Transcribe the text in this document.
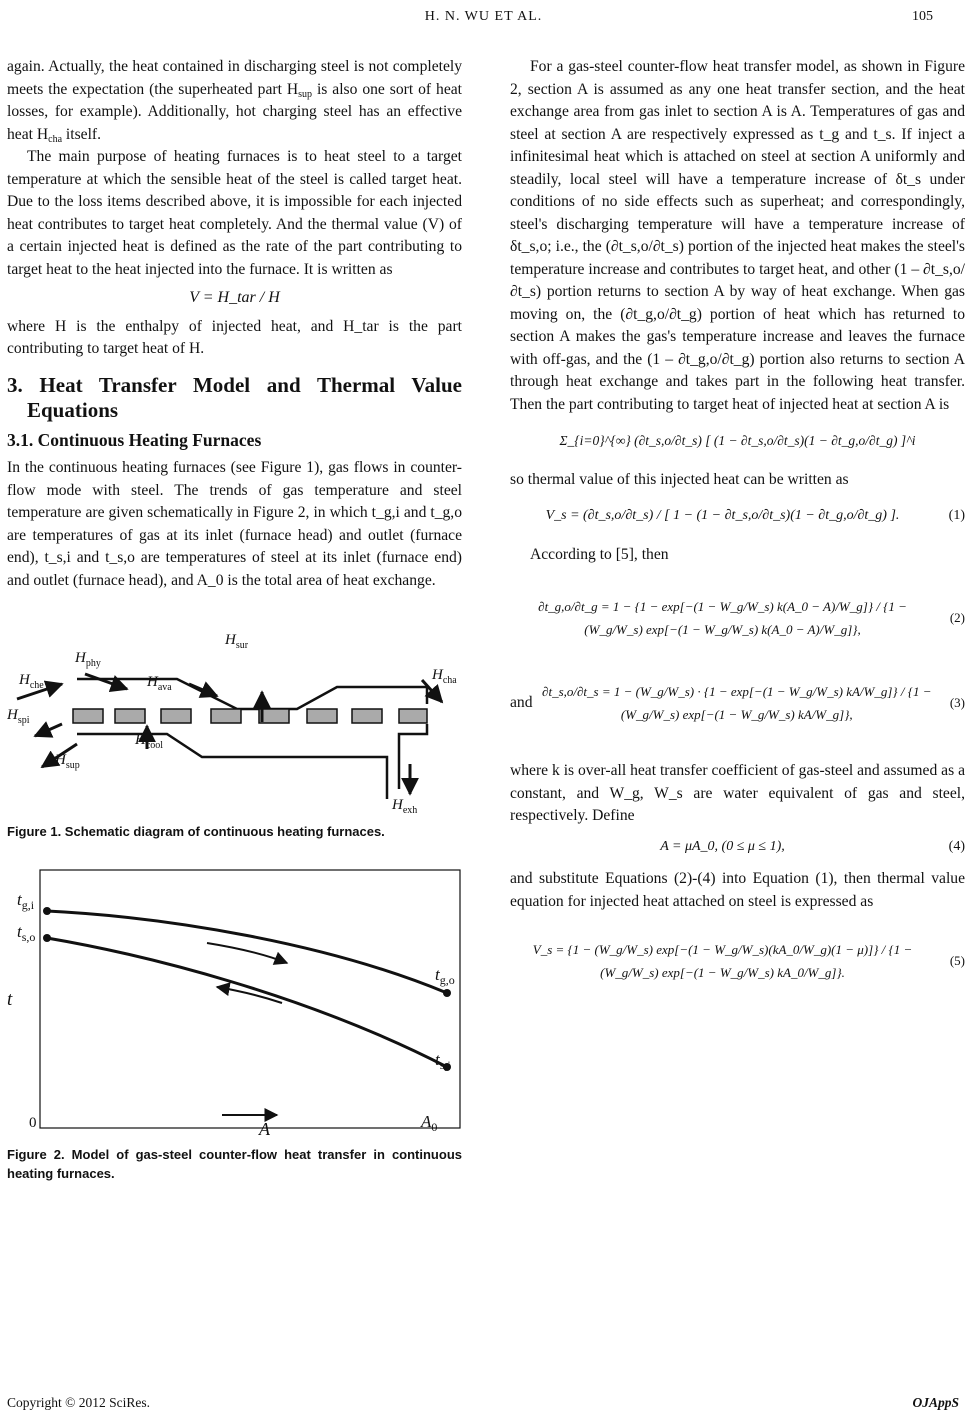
H. N. WU ET AL.	105

again. Actually, the heat contained in discharging steel is not completely meets the expectation (the superheated part $H_{sup}$ is also one sort of heat losses, for example). Additionally, hot charging steel has an effective heat $H_{cha}$ itself.

The main purpose of heating furnaces is to heat steel to a target temperature at which the sensible heat of the steel is called target heat. Due to the loss items described above, it is impossible for each injected heat contributes to target heat completely. And the thermal value (V) of a certain injected heat is defined as the rate of the part contributing to target heat to the heat injected into the furnace. It is written as

V = H_tar / H

where H is the enthalpy of injected heat, and H_tar is the part contributing to target heat of H.

3. Heat Transfer Model and Thermal Value Equations
3.1. Continuous Heating Furnaces

In the continuous heating furnaces (see Figure 1), gas flows in counter-flow mode with steel. The trends of gas temperature and steel temperature are given schematically in Figure 2, in which t_g,i and t_g,o are temperatures of gas at its inlet (furnace head) and outlet (furnace end), t_s,i and t_s,o are temperatures of steel at its inlet (furnace end) and outlet (furnace head), and A_0 is the total area of heat exchange.

$H_{phy}$
$H_{sur}$
$H_{che}$	$H_{ava}$
$H_{cha}$
$H_{spi}$
$H_{cool}$
$H_{sup}$
$H_{exh}$
Figure 1. Schematic diagram of continuous heating furnaces.
$t_{g,i}$
$t_{s,o}$
t
$t_{g,o}$
$t_{s,i}$
0	A	$A_0$
Figure 2. Model of gas-steel counter-flow heat transfer in continuous heating furnaces.

For a gas-steel counter-flow heat transfer model, as shown in Figure 2, section A is assumed as any one heat transfer section, and the heat exchange area from gas inlet to section A is A. Temperatures of gas and steel at section A are respectively expressed as t_g and t_s. If inject a infinitesimal heat which is attached on steel at section A uniformly and steadily, local steel will have a temperature increase of δt_s under conditions of no side effects such as superheat; and correspondingly, steel's discharging temperature will have a temperature increase of δt_s,o; i.e., the (∂t_s,o/∂t_s) portion of the injected heat makes the steel's temperature increase and contributes to target heat, and other (1 – ∂t_s,o/∂t_s) portion returns to section A by way of heat exchange. When gas moving on, the (∂t_g,o/∂t_g) portion of heat which has returned to section A makes the gas's temperature increase and leaves the furnace with off-gas, and the (1 – ∂t_g,o/∂t_g) portion also returns to section A through heat exchange and takes part in the following heat transfer. Then the part contributing to target heat of injected heat at section A is

Σ_{i=0}^{∞} (∂t_s,o/∂t_s) [ (1 − ∂t_s,o/∂t_s)(1 − ∂t_g,o/∂t_g) ]^i

so thermal value of this injected heat can be written as

V_s = (∂t_s,o/∂t_s) / [ 1 − (1 − ∂t_s,o/∂t_s)(1 − ∂t_g,o/∂t_g) ].	(1)

According to [5], then

∂t_g,o/∂t_g = 1 − {1 − exp[−(1 − W_g/W_s) k(A_0 − A)/W_g]} / {1 − (W_g/W_s) exp[−(1 − W_g/W_s) k(A_0 − A)/W_g]},
(2)
and
∂t_s,o/∂t_s = 1 − (W_g/W_s) · {1 − exp[−(1 − W_g/W_s) kA/W_g]} / {1 − (W_g/W_s) exp[−(1 − W_g/W_s) kA/W_g]},
(3)

where k is over-all heat transfer coefficient of gas-steel and assumed as a constant, and W_g, W_s are water equivalent of gas and steel, respectively. Define

A = μA_0, (0 ≤ μ ≤ 1),	(4)

and substitute Equations (2)-(4) into Equation (1), then thermal value equation for injected heat attached on steel is expressed as

V_s = {1 − (W_g/W_s) exp[−(1 − W_g/W_s)(kA_0/W_g)(1 − μ)]} / {1 − (W_g/W_s) exp[−(1 − W_g/W_s) kA_0/W_g]}.
(5)
Copyright © 2012 SciRes.	OJAppS
